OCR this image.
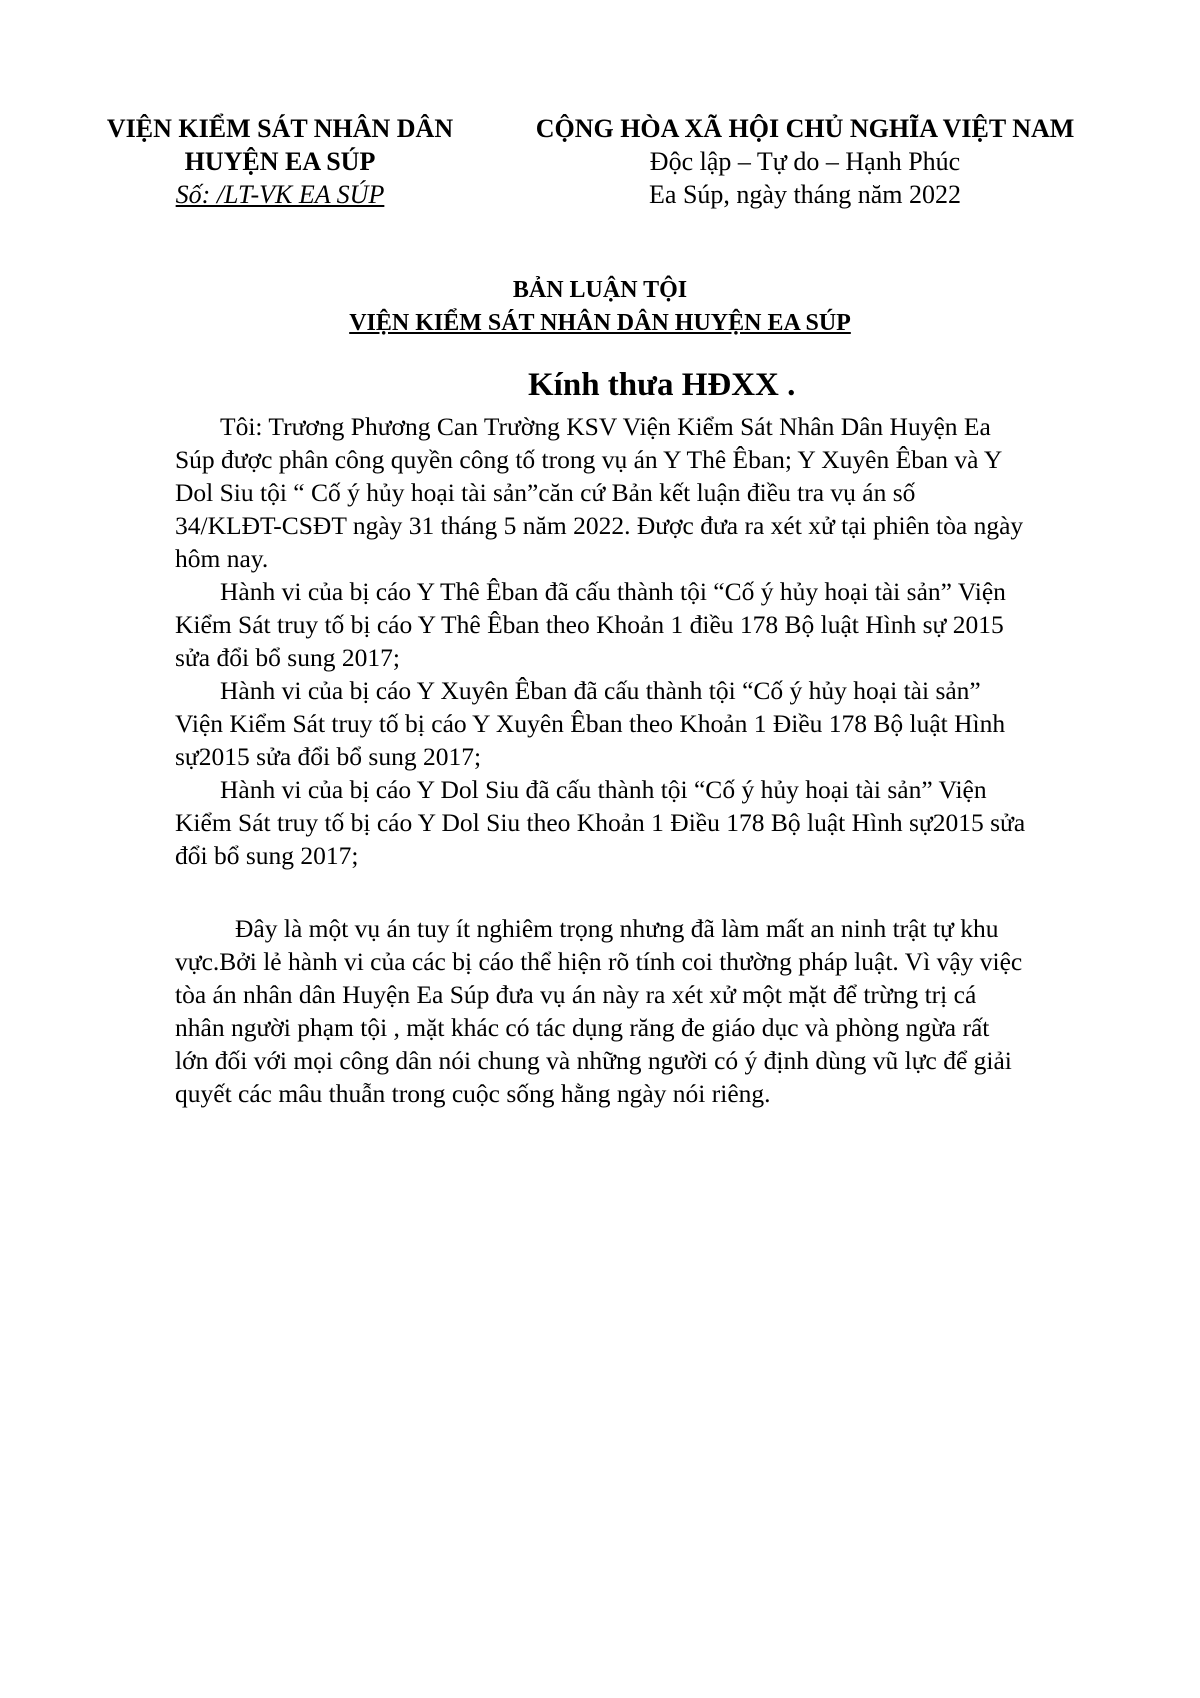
VIỆN KIỂM SÁT NHÂN DÂN
HUYỆN EA SÚP
Số: /LT-VK EA SÚP
CỘNG HÒA XÃ HỘI CHỦ NGHĨA VIỆT NAM
Độc lập – Tự do – Hạnh Phúc
Ea Súp, ngày tháng năm 2022
BẢN LUẬN TỘI
VIỆN KIỂM SÁT NHÂN DÂN HUYỆN EA SÚP
Kính thưa HĐXX .
Tôi: Trương Phương Can Trường KSV Viện Kiểm Sát Nhân Dân Huyện Ea
Súp được phân công quyền công tố trong vụ án Y Thê Êban; Y Xuyên Êban và Y
Dol Siu tội “ Cố ý hủy hoại tài sản”căn cứ Bản kết luận điều tra vụ án số
34/KLĐT-CSĐT ngày 31 tháng 5 năm 2022. Được đưa ra xét xử tại phiên tòa ngày
hôm nay.
Hành vi của bị cáo Y Thê Êban đã cấu thành tội “Cố ý hủy hoại tài sản” Viện
Kiểm Sát truy tố bị cáo Y Thê Êban theo Khoản 1 điều 178 Bộ luật Hình sự 2015
sửa đổi bổ sung 2017;
Hành vi của bị cáo Y Xuyên Êban đã cấu thành tội “Cố ý hủy hoại tài sản”
Viện Kiểm Sát truy tố bị cáo Y Xuyên Êban theo Khoản 1 Điều 178 Bộ luật Hình
sự2015 sửa đổi bổ sung 2017;
Hành vi của bị cáo Y Dol Siu đã cấu thành tội “Cố ý hủy hoại tài sản” Viện
Kiểm Sát truy tố bị cáo Y Dol Siu theo Khoản 1 Điều 178 Bộ luật Hình sự2015 sửa
đổi bổ sung 2017;
Đây là một vụ án tuy ít nghiêm trọng nhưng đã làm mất an ninh trật tự khu
vực.Bởi lẻ hành vi của các bị cáo thể hiện rõ tính coi thường pháp luật. Vì vậy việc
tòa án nhân dân Huyện Ea Súp đưa vụ án này ra xét xử một mặt để trừng trị cá
nhân người phạm tội , mặt khác có tác dụng răng đe giáo dục và phòng ngừa rất
lớn đối với mọi công dân nói chung và những người có ý định dùng vũ lực để giải
quyết các mâu thuẫn trong cuộc sống hằng ngày nói riêng.
